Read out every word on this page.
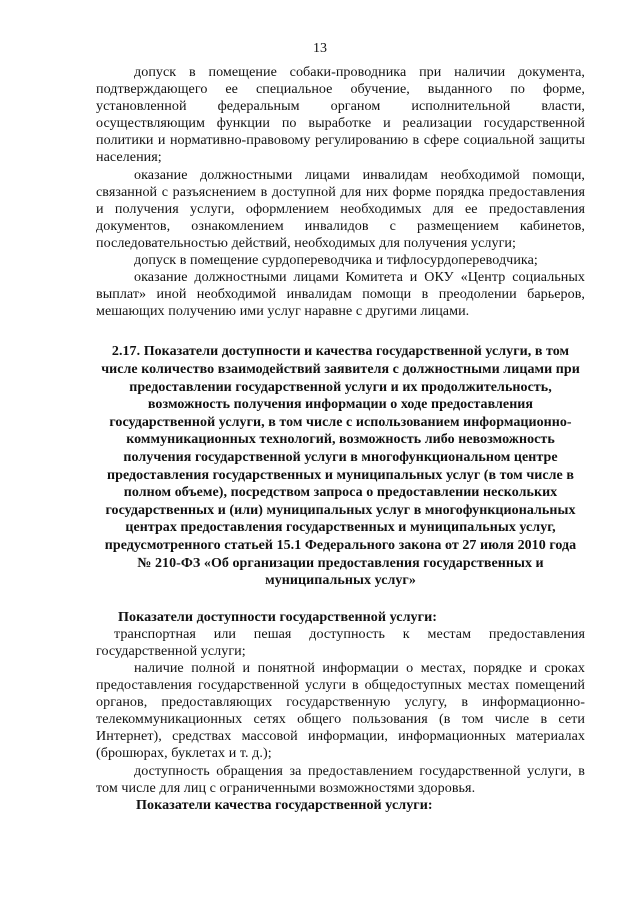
13

допуск в помещение собаки-проводника при наличии документа, подтверждающего ее специальное обучение, выданного по форме, установленной федеральным органом исполнительной власти, осуществляющим функции по выработке и реализации государственной политики и нормативно-правовому регулированию в сфере социальной защиты населения;

оказание должностными лицами инвалидам необходимой помощи, связанной с разъяснением в доступной для них форме порядка предоставления и получения услуги, оформлением необходимых для ее предоставления документов, ознакомлением инвалидов с размещением кабинетов, последовательностью действий, необходимых для получения услуги;

допуск в помещение сурдопереводчика и тифлосурдопереводчика;

оказание должностными лицами Комитета и ОКУ «Центр социальных выплат» иной необходимой инвалидам помощи в преодолении барьеров, мешающих получению ими услуг наравне с другими лицами.

2.17. Показатели доступности и качества государственной услуги, в том числе количество взаимодействий заявителя с должностными лицами при предоставлении государственной услуги и их продолжительность, возможность получения информации о ходе предоставления государственной услуги, в том числе с использованием информационно-коммуникационных технологий, возможность либо невозможность получения государственной услуги в многофункциональном центре предоставления государственных и муниципальных услуг (в том числе в полном объеме), посредством запроса о предоставлении нескольких государственных и (или) муниципальных услуг в многофункциональных центрах предоставления государственных и муниципальных услуг, предусмотренного статьей 15.1 Федерального закона от 27 июля 2010 года № 210-ФЗ «Об организации предоставления государственных и муниципальных услуг»

Показатели доступности государственной услуги:

транспортная или пешая доступность к местам предоставления государственной услуги;

наличие полной и понятной информации о местах, порядке и сроках предоставления государственной услуги в общедоступных местах помещений органов, предоставляющих государственную услугу, в информационно-телекоммуникационных сетях общего пользования (в том числе в сети Интернет), средствах массовой информации, информационных материалах (брошюрах, буклетах и т. д.);

доступность обращения за предоставлением государственной услуги, в том числе для лиц с ограниченными возможностями здоровья.

Показатели качества государственной услуги:
